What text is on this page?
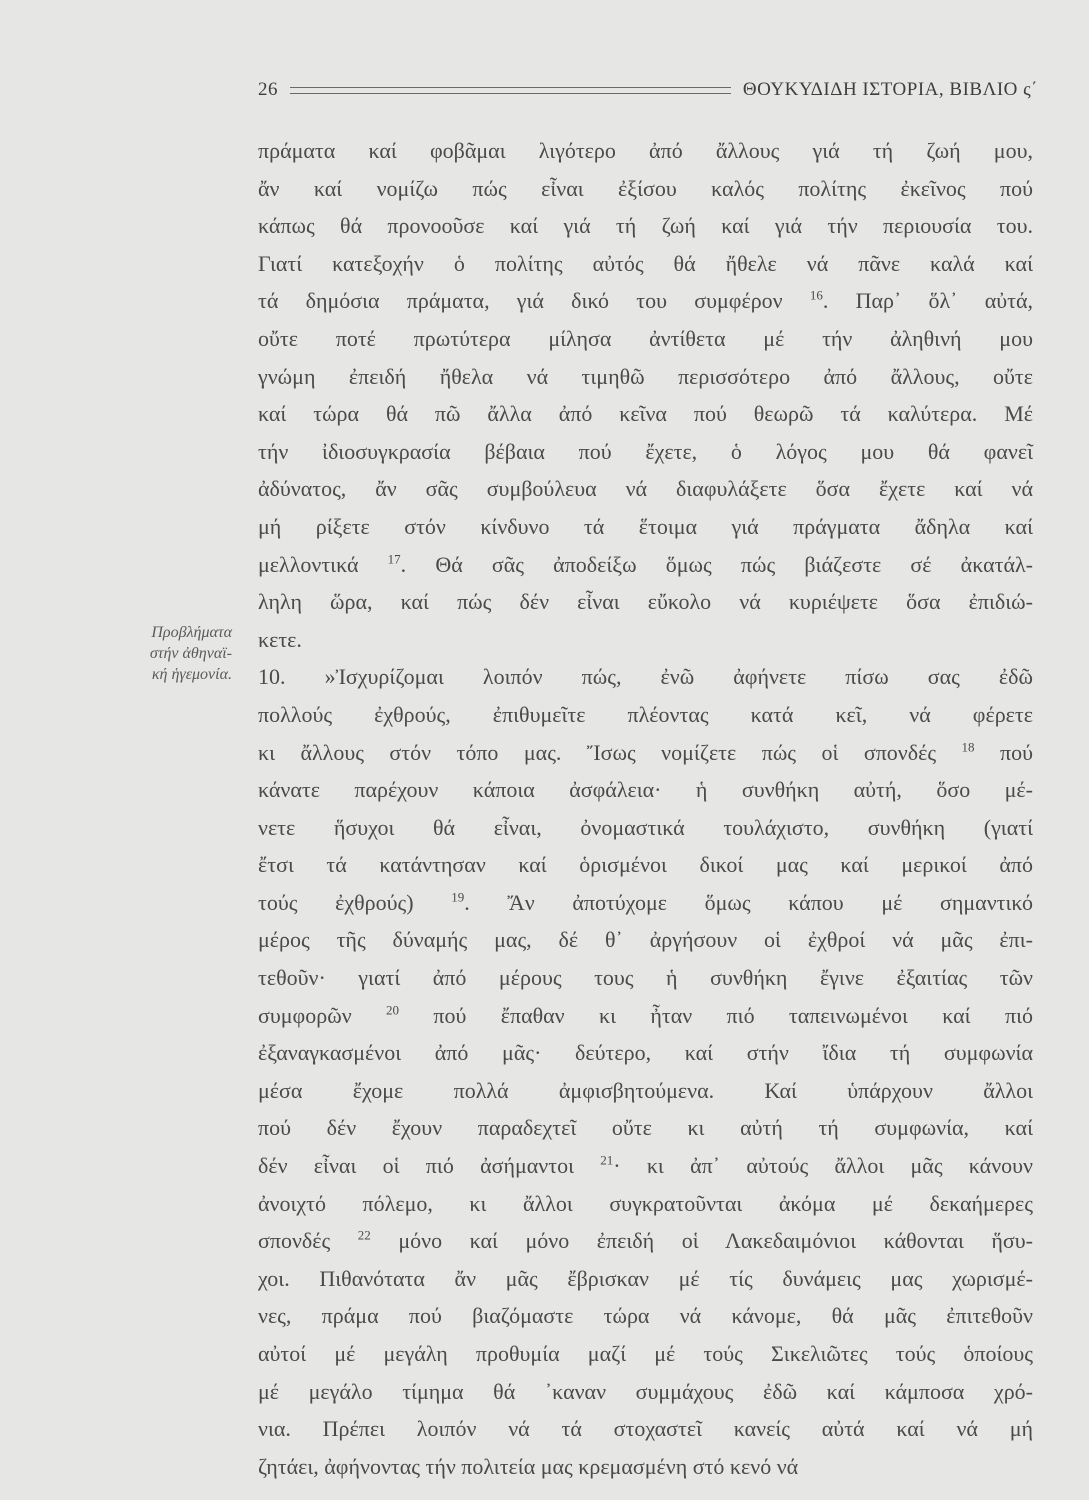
26	ΘΟΥΚΥΔΙΔΗ ΙΣΤΟΡΙΑ, ΒΙΒΛΙΟ ς΄
Προβλήματα
στήν ἀθηναϊ-
κή ἡγεμονία.
πράματα καί φοβᾶμαι λιγότερο ἀπό ἄλλους γιά τή ζωή μου,
ἄν καί νομίζω πώς εἶναι ἐξίσου καλός πολίτης ἐκεῖνος πού
κάπως θά προνοοῦσε καί γιά τή ζωή καί γιά τήν περιουσία του.
Γιατί κατεξοχήν ὁ πολίτης αὐτός θά ἤθελε νά πᾶνε καλά καί
τά δημόσια πράματα, γιά δικό του συμφέρον $^{16}$. Παρ᾽ ὅλ᾽ αὐτά,
οὔτε ποτέ πρωτύτερα μίλησα ἀντίθετα μέ τήν ἀληθινή μου
γνώμη ἐπειδή ἤθελα νά τιμηθῶ περισσότερο ἀπό ἄλλους, οὔτε
καί τώρα θά πῶ ἄλλα ἀπό κεῖνα πού θεωρῶ τά καλύτερα. Μέ
τήν ἰδιοσυγκρασία βέβαια πού ἔχετε, ὁ λόγος μου θά φανεῖ
ἀδύνατος, ἄν σᾶς συμβούλευα νά διαφυλάξετε ὅσα ἔχετε καί νά
μή ρίξετε στόν κίνδυνο τά ἕτοιμα γιά πράγματα ἄδηλα καί
μελλοντικά $^{17}$. Θά σᾶς ἀποδείξω ὅμως πώς βιάζεστε σέ ἀκατάλ-
ληλη ὥρα, καί πώς δέν εἶναι εὔκολο νά κυριέψετε ὅσα ἐπιδιώ-
κετε.
10. »Ἰσχυρίζομαι λοιπόν πώς, ἐνῶ ἀφήνετε πίσω σας ἐδῶ
πολλούς ἐχθρούς, ἐπιθυμεῖτε πλέοντας κατά κεῖ, νά φέρετε
κι ἄλλους στόν τόπο μας. Ἴσως νομίζετε πώς οἱ σπονδές $^{18}$ πού
κάνατε παρέχουν κάποια ἀσφάλεια· ἡ συνθήκη αὐτή, ὅσο μέ-
νετε ἥσυχοι θά εἶναι, ὀνομαστικά τουλάχιστο, συνθήκη (γιατί
ἔτσι τά κατάντησαν καί ὁρισμένοι δικοί μας καί μερικοί ἀπό
τούς ἐχθρούς) $^{19}$. Ἄν ἀποτύχομε ὅμως κάπου μέ σημαντικό
μέρος τῆς δύναμής μας, δέ θ᾽ ἀργήσουν οἱ ἐχθροί νά μᾶς ἐπι-
τεθοῦν· γιατί ἀπό μέρους τους ἡ συνθήκη ἔγινε ἐξαιτίας τῶν
συμφορῶν $^{20}$ πού ἔπαθαν κι ἦταν πιό ταπεινωμένοι καί πιό
ἐξαναγκασμένοι ἀπό μᾶς· δεύτερο, καί στήν ἴδια τή συμφωνία
μέσα ἔχομε πολλά ἀμφισβητούμενα. Καί ὑπάρχουν ἄλλοι
πού δέν ἔχουν παραδεχτεῖ οὔτε κι αὐτή τή συμφωνία, καί
δέν εἶναι οἱ πιό ἀσήμαντοι $^{21}$· κι ἀπ᾽ αὐτούς ἄλλοι μᾶς κάνουν
ἀνοιχτό πόλεμο, κι ἄλλοι συγκρατοῦνται ἀκόμα μέ δεκαήμερες
σπονδές $^{22}$ μόνο καί μόνο ἐπειδή οἱ Λακεδαιμόνιοι κάθονται ἥσυ-
χοι. Πιθανότατα ἄν μᾶς ἔβρισκαν μέ τίς δυνάμεις μας χωρισμέ-
νες, πράμα πού βιαζόμαστε τώρα νά κάνομε, θά μᾶς ἐπιτεθοῦν
αὐτοί μέ μεγάλη προθυμία μαζί μέ τούς Σικελιῶτες τούς ὁποίους
μέ μεγάλο τίμημα θά ᾽καναν συμμάχους ἐδῶ καί κάμποσα χρό-
νια. Πρέπει λοιπόν νά τά στοχαστεῖ κανείς αὐτά καί νά μή
ζητάει, ἀφήνοντας τήν πολιτεία μας κρεμασμένη στό κενό νά
